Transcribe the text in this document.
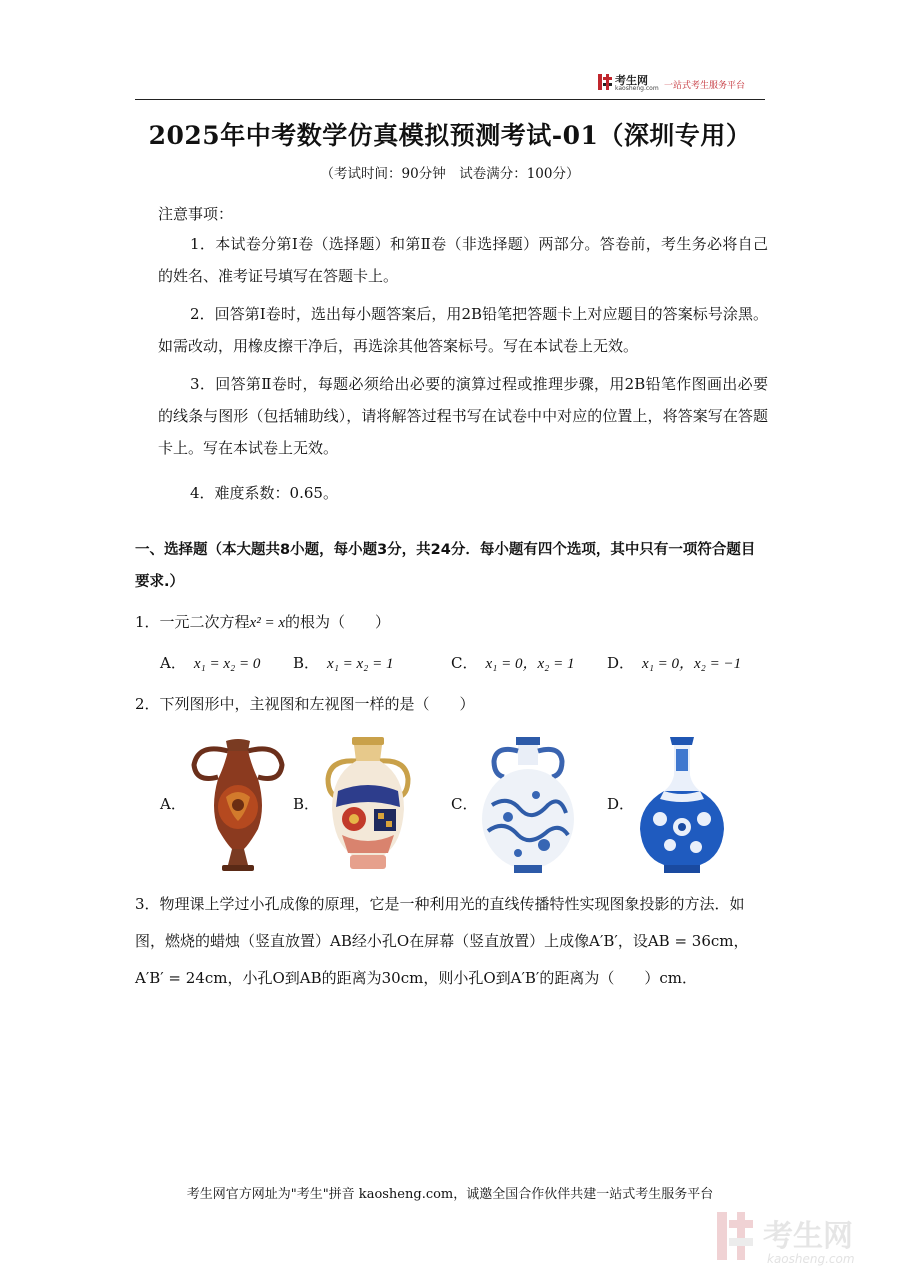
考生网
kaosheng.com 一站式考生服务平台
2025年中考数学仿真模拟预测考试-01（深圳专用）
（考试时间：90分钟　试卷满分：100分）
注意事项：
1．本试卷分第Ⅰ卷（选择题）和第Ⅱ卷（非选择题）两部分。答卷前，考生务必将自己的姓名、准考证号填写在答题卡上。
2．回答第Ⅰ卷时，选出每小题答案后，用2B铅笔把答题卡上对应题目的答案标号涂黑。如需改动，用橡皮擦干净后，再选涂其他答案标号。写在本试卷上无效。
3．回答第Ⅱ卷时，每题必须给出必要的演算过程或推理步骤，用2B铅笔作图画出必要的线条与图形（包括辅助线），请将解答过程书写在试卷中中对应的位置上，将答案写在答题卡上。写在本试卷上无效。
4．难度系数：0.65。
一、选择题（本大题共8小题，每小题3分，共24分．每小题有四个选项，其中只有一项符合题目要求.）
1．一元二次方程x² = x的根为（　　）
A． x₁ = x₂ = 0 B． x₁ = x₂ = 1	C． x₁ = 0，x₂ = 1 D． x₁ = 0，x₂ = −1
2．下列图形中，主视图和左视图一样的是（　　）
A．	B．	C．	D．
3．物理课上学过小孔成像的原理，它是一种利用光的直线传播特性实现图象投影的方法．如
图，燃烧的蜡烛（竖直放置）AB经小孔O在屏幕（竖直放置）上成像A′B′，设AB = 36cm，
A′B′ = 24cm，小孔O到AB的距离为30cm，则小孔O到A′B′的距离为（　　）cm．
考生网官方网址为"考生"拼音 kaosheng.com，诚邀全国合作伙伴共建一站式考生服务平台
考生网
kaosheng.com
